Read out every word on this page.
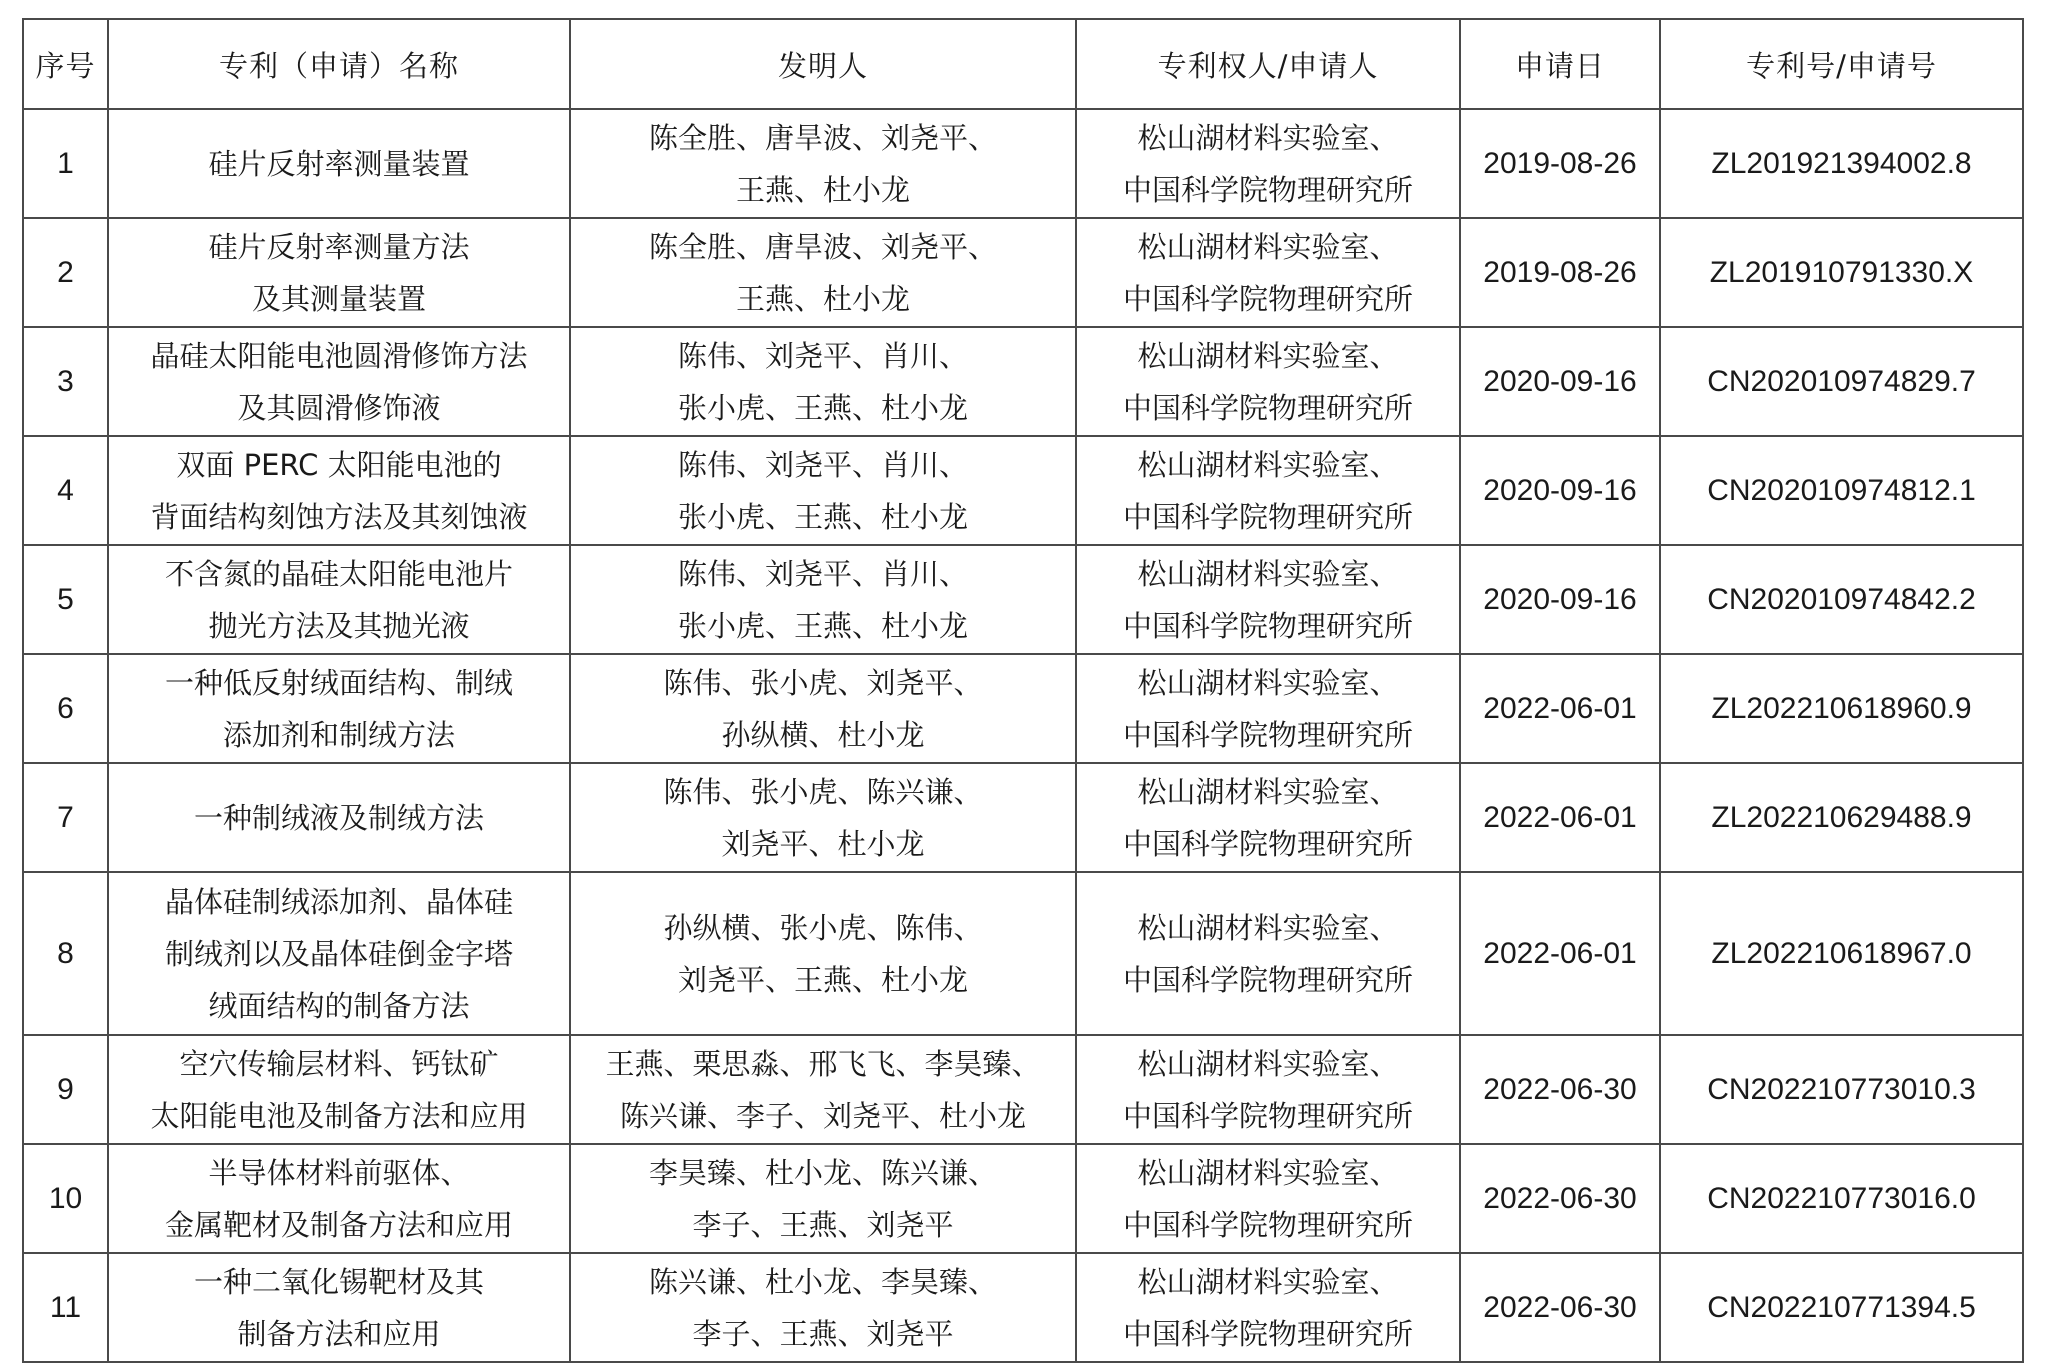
序号	专利（申请）名称	发明人	专利权人/申请人	申请日	专利号/申请号
1	硅片反射率测量装置	陈全胜、唐旱波、刘尧平、
王燕、杜小龙	松山湖材料实验室、
中国科学院物理研究所	2019-08-26	ZL201921394002.8
2	硅片反射率测量方法
及其测量装置	陈全胜、唐旱波、刘尧平、
王燕、杜小龙	松山湖材料实验室、
中国科学院物理研究所	2019-08-26	ZL201910791330.X
3	晶硅太阳能电池圆滑修饰方法
及其圆滑修饰液	陈伟、刘尧平、肖川、
张小虎、王燕、杜小龙	松山湖材料实验室、
中国科学院物理研究所	2020-09-16	CN202010974829.7
4	双面 PERC 太阳能电池的
背面结构刻蚀方法及其刻蚀液	陈伟、刘尧平、肖川、
张小虎、王燕、杜小龙	松山湖材料实验室、
中国科学院物理研究所	2020-09-16	CN202010974812.1
5	不含氮的晶硅太阳能电池片
抛光方法及其抛光液	陈伟、刘尧平、肖川、
张小虎、王燕、杜小龙	松山湖材料实验室、
中国科学院物理研究所	2020-09-16	CN202010974842.2
6	一种低反射绒面结构、制绒
添加剂和制绒方法	陈伟、张小虎、刘尧平、
孙纵横、杜小龙	松山湖材料实验室、
中国科学院物理研究所	2022-06-01	ZL202210618960.9
7	一种制绒液及制绒方法	陈伟、张小虎、陈兴谦、
刘尧平、杜小龙	松山湖材料实验室、
中国科学院物理研究所	2022-06-01	ZL202210629488.9
8	晶体硅制绒添加剂、晶体硅
制绒剂以及晶体硅倒金字塔
绒面结构的制备方法	孙纵横、张小虎、陈伟、
刘尧平、王燕、杜小龙	松山湖材料实验室、
中国科学院物理研究所	2022-06-01	ZL202210618967.0
9	空穴传输层材料、钙钛矿
太阳能电池及制备方法和应用	王燕、栗思淼、邢飞飞、李昊臻、
陈兴谦、李子、刘尧平、杜小龙	松山湖材料实验室、
中国科学院物理研究所	2022-06-30	CN202210773010.3
10	半导体材料前驱体、
金属靶材及制备方法和应用	李昊臻、杜小龙、陈兴谦、
李子、王燕、刘尧平	松山湖材料实验室、
中国科学院物理研究所	2022-06-30	CN202210773016.0
11	一种二氧化锡靶材及其
制备方法和应用	陈兴谦、杜小龙、李昊臻、
李子、王燕、刘尧平	松山湖材料实验室、
中国科学院物理研究所	2022-06-30	CN202210771394.5
